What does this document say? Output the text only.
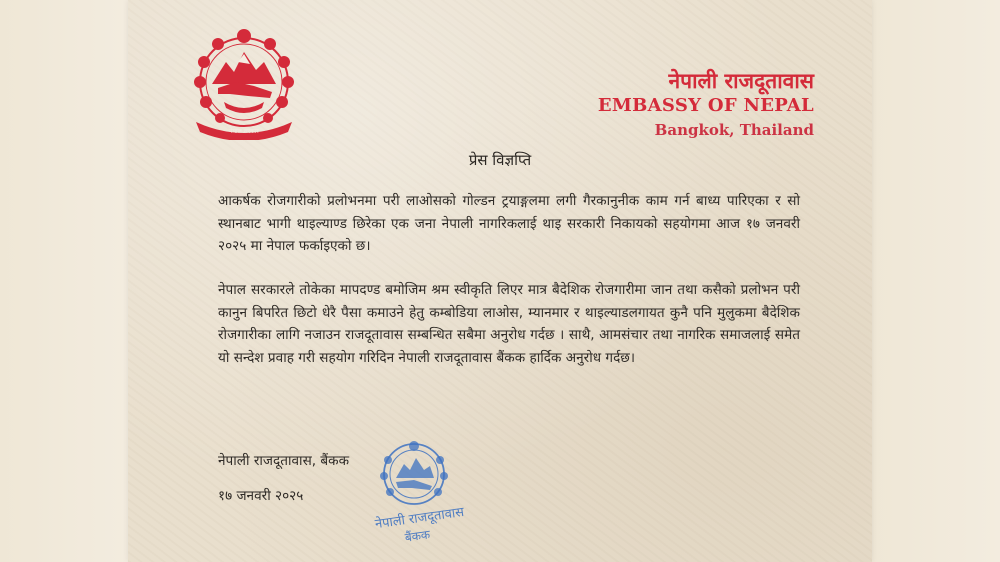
नेपाल सरकार
नेपाली राजदूतावास
EMBASSY OF NEPAL
Bangkok, Thailand
प्रेस विज्ञप्ति
आकर्षक रोजगारीको प्रलोभनमा परी लाओसको गोल्डन ट्रयाङ्गलमा लगी गैरकानुनीक काम गर्न बाध्य पारिएका र सो स्थानबाट भागी थाइल्याण्ड छिरेका एक जना नेपाली नागरिकलाई थाइ सरकारी निकायको सहयोगमा आज १७ जनवरी २०२५ मा नेपाल फर्काइएको छ।
नेपाल सरकारले तोकेका मापदण्ड बमोजिम श्रम स्वीकृति लिएर मात्र बैदेशिक रोजगारीमा जान तथा कसैको प्रलोभन परी कानुन बिपरित छिटो धेरै पैसा कमाउने हेतु कम्बोडिया लाओस, म्यानमार र थाइल्याडलगायत कुनै पनि मुलुकमा बैदेशिक रोजगारीका लागि नजाउन राजदूतावास सम्बन्धित सबैमा अनुरोध गर्दछ । साथै, आमसंचार तथा नागरिक समाजलाई समेत यो सन्देश प्रवाह गरी सहयोग गरिदिन नेपाली राजदूतावास बैंकक हार्दिक अनुरोध गर्दछ।
नेपाली राजदूतावास, बैंकक
१७ जनवरी २०२५
नेपाली राजदूतावास
बैंकक
